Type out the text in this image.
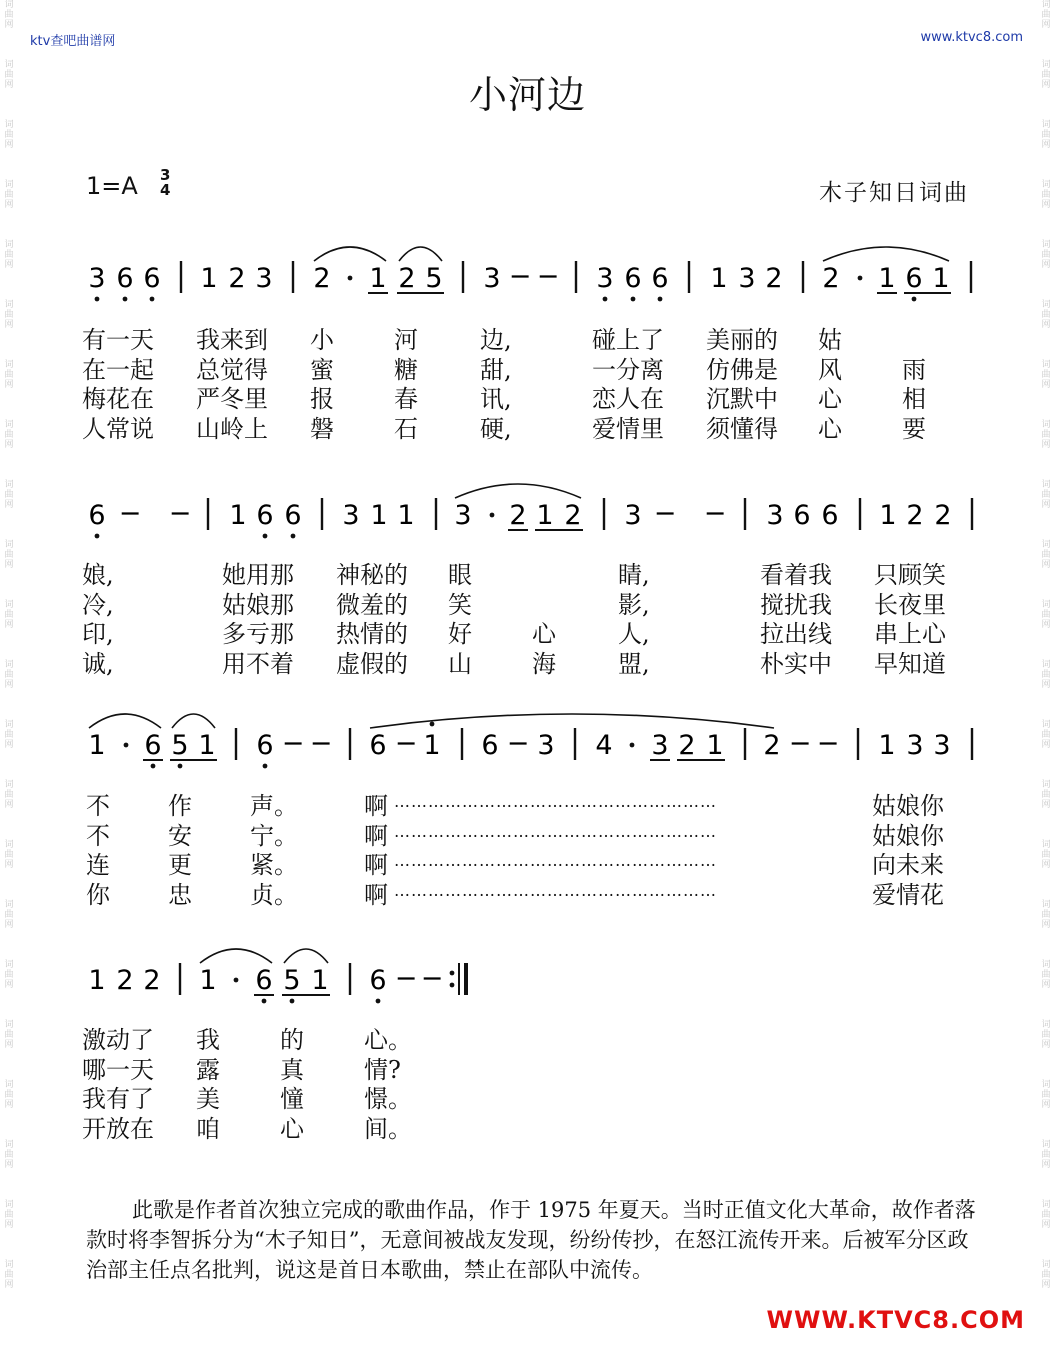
词
曲
网
词
曲
网
词
曲
网
词
曲
网
词
曲
网
词
曲
网
词
曲
网
词
曲
网
词
曲
网
词
曲
网
词
曲
网
词
曲
网
词
曲
网
词
曲
网
词
曲
网
词
曲
网
词
曲
网
词
曲
网
词
曲
网
词
曲
网
词
曲
网
词
曲
网
词
曲
网
词
曲
网
词
曲
网
词
曲
网
词
曲
网
词
曲
网
词
曲
网
词
曲
网
词
曲
网
词
曲
网
词
曲
网
词
曲
网
词
曲
网
词
曲
网
词
曲
网
词
曲
网
词
曲
网
词
曲
网
词
曲
网
词
曲
网
词
曲
网
词
曲
网
ktv查吧曲谱网	www.ktvc8.com
小河边
1=A 3
4	木子知日词曲
3 6 6 1 2 3 2 1 2 5 3 − − 3 6 6 1 3 2 2 1 6 1
6 − − 1 6 6 3 1 1 3 2 1 2 3 − − 3 6 6 1 2 2
1 6 5 1 6 − − 6 − 1 6 − 3 4 3 2 1 2 − − 1 3 3
1 2 2 1 6 5 1 6 − −
有一天 我来到 小	河	边,	碰上了 美丽的 姑
在一起 总觉得 蜜	糖	甜,	一分离 仿佛是 风	雨
梅花在 严冬里 报	春	讯,	恋人在 沉默中 心	相
人常说 山岭上 磐	石	硬,	爱情里 须懂得 心	要
娘,	她用那 神秘的 眼	睛,	看着我 只顾笑
冷,	姑娘那 微羞的 笑	影,	搅扰我 长夜里
印,	多亏那 热情的 好	心	人,	拉出线 串上心
诚,	用不着 虚假的 山	海	盟,	朴实中 早知道
不 作 声。	啊	姑娘你
…………………………………………………
不 安 宁。	啊	姑娘你
…………………………………………………
连 更 紧。	啊	向未来
…………………………………………………
你 忠 贞。	啊	爱情花
…………………………………………………
激动了 我	的	心。
哪一天 露	真	情?
我有了 美	憧	憬。
开放在 咱	心	间。
此歌是作者首次独立完成的歌曲作品，作于 1975 年夏天。当时正值文化大革命，故作者落款时将李智拆分为“木子知日”，无意间被战友发现，纷纷传抄，在怒江流传开来。后被军分区政治部主任点名批判，说这是首日本歌曲，禁止在部队中流传。
WWW.KTVC8.COM
